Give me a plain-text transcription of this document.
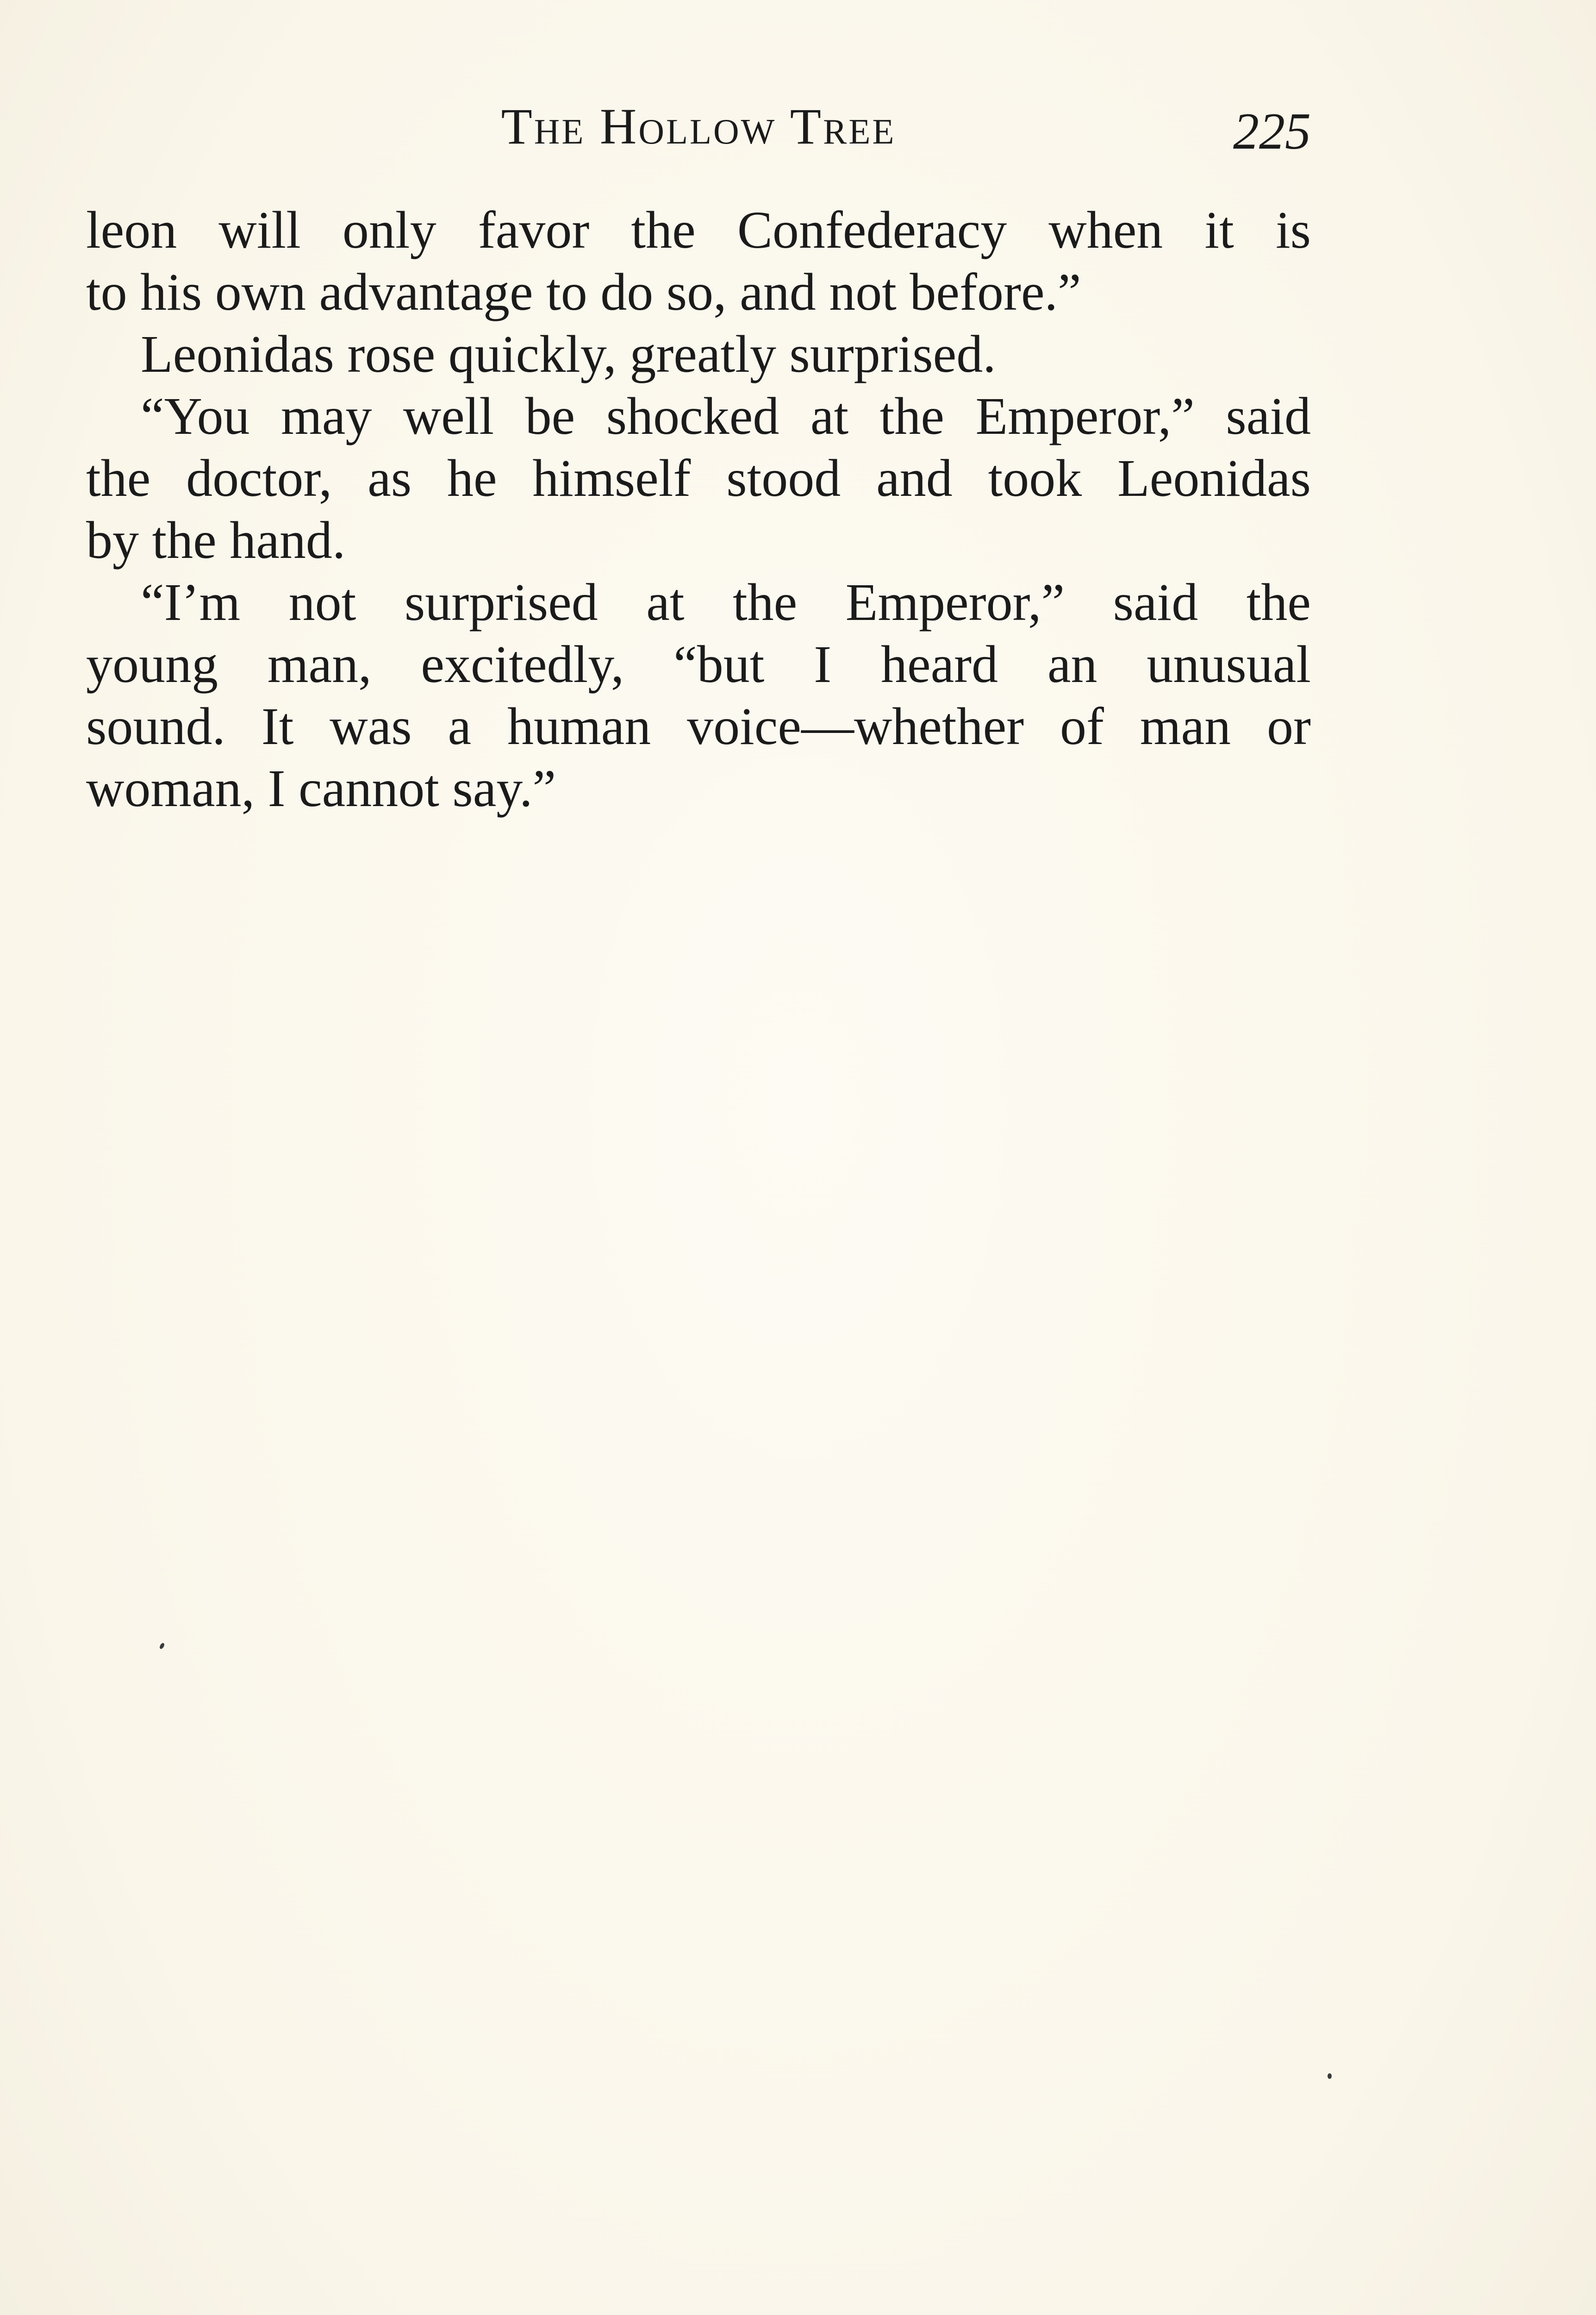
The Hollow Tree	225
leon will only favor the Confederacy when it is
to his own advantage to do so, and not before.”
Leonidas rose quickly, greatly surprised.
“You may well be shocked at the Emperor,” said
the doctor, as he himself stood and took Leonidas
by the hand.
“I’m not surprised at the Emperor,” said the
young man, excitedly, “but I heard an unusual
sound. It was a human voice—whether of man or
woman, I cannot say.”
